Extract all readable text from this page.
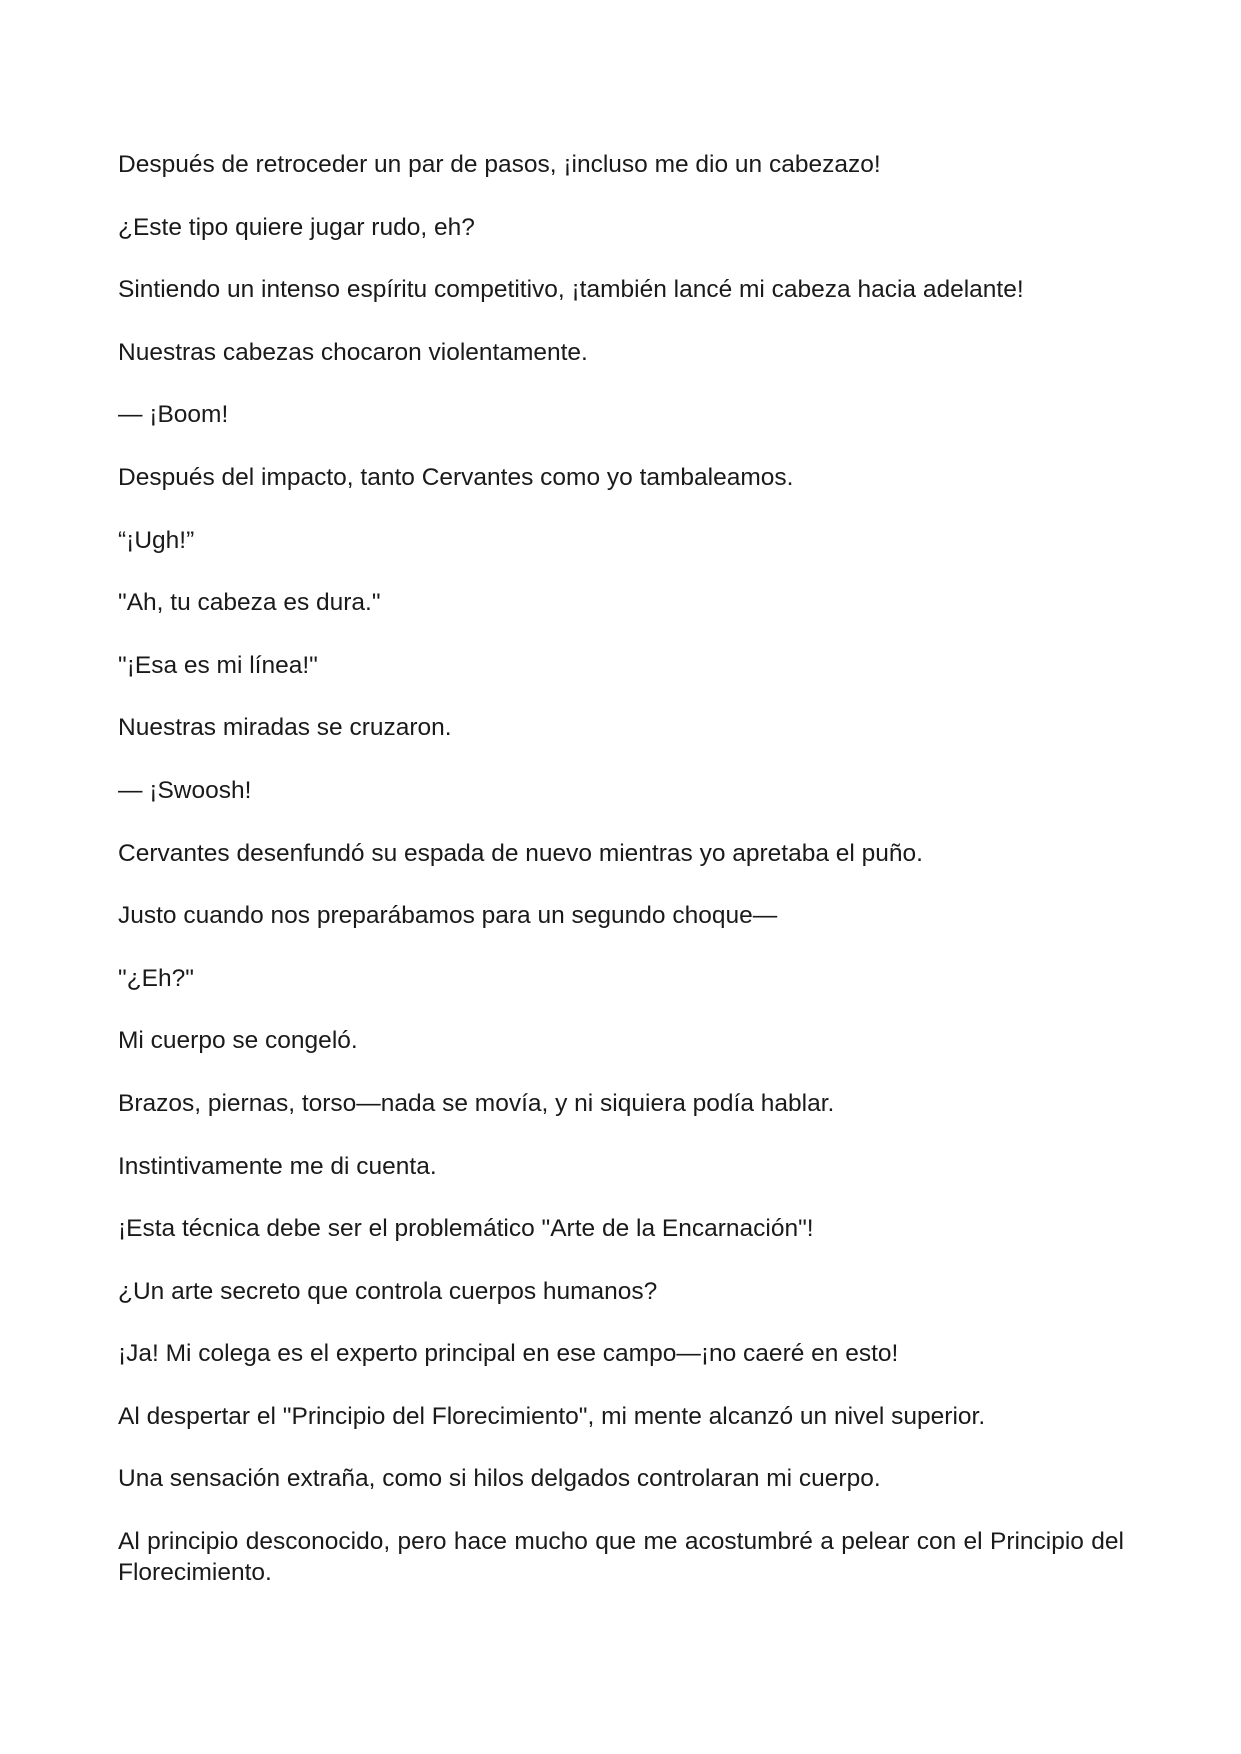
Después de retroceder un par de pasos, ¡incluso me dio un cabezazo!

¿Este tipo quiere jugar rudo, eh?

Sintiendo un intenso espíritu competitivo, ¡también lancé mi cabeza hacia adelante!

Nuestras cabezas chocaron violentamente.

— ¡Boom!

Después del impacto, tanto Cervantes como yo tambaleamos.

“¡Ugh!”

"Ah, tu cabeza es dura."

"¡Esa es mi línea!"

Nuestras miradas se cruzaron.

— ¡Swoosh!

Cervantes desenfundó su espada de nuevo mientras yo apretaba el puño.

Justo cuando nos preparábamos para un segundo choque—

"¿Eh?"

Mi cuerpo se congeló.

Brazos, piernas, torso—nada se movía, y ni siquiera podía hablar.

Instintivamente me di cuenta.

¡Esta técnica debe ser el problemático "Arte de la Encarnación"!

¿Un arte secreto que controla cuerpos humanos?

¡Ja! Mi colega es el experto principal en ese campo—¡no caeré en esto!

Al despertar el "Principio del Florecimiento", mi mente alcanzó un nivel superior.

Una sensación extraña, como si hilos delgados controlaran mi cuerpo.

Al principio desconocido, pero hace mucho que me acostumbré a pelear con el Principio del Florecimiento.
